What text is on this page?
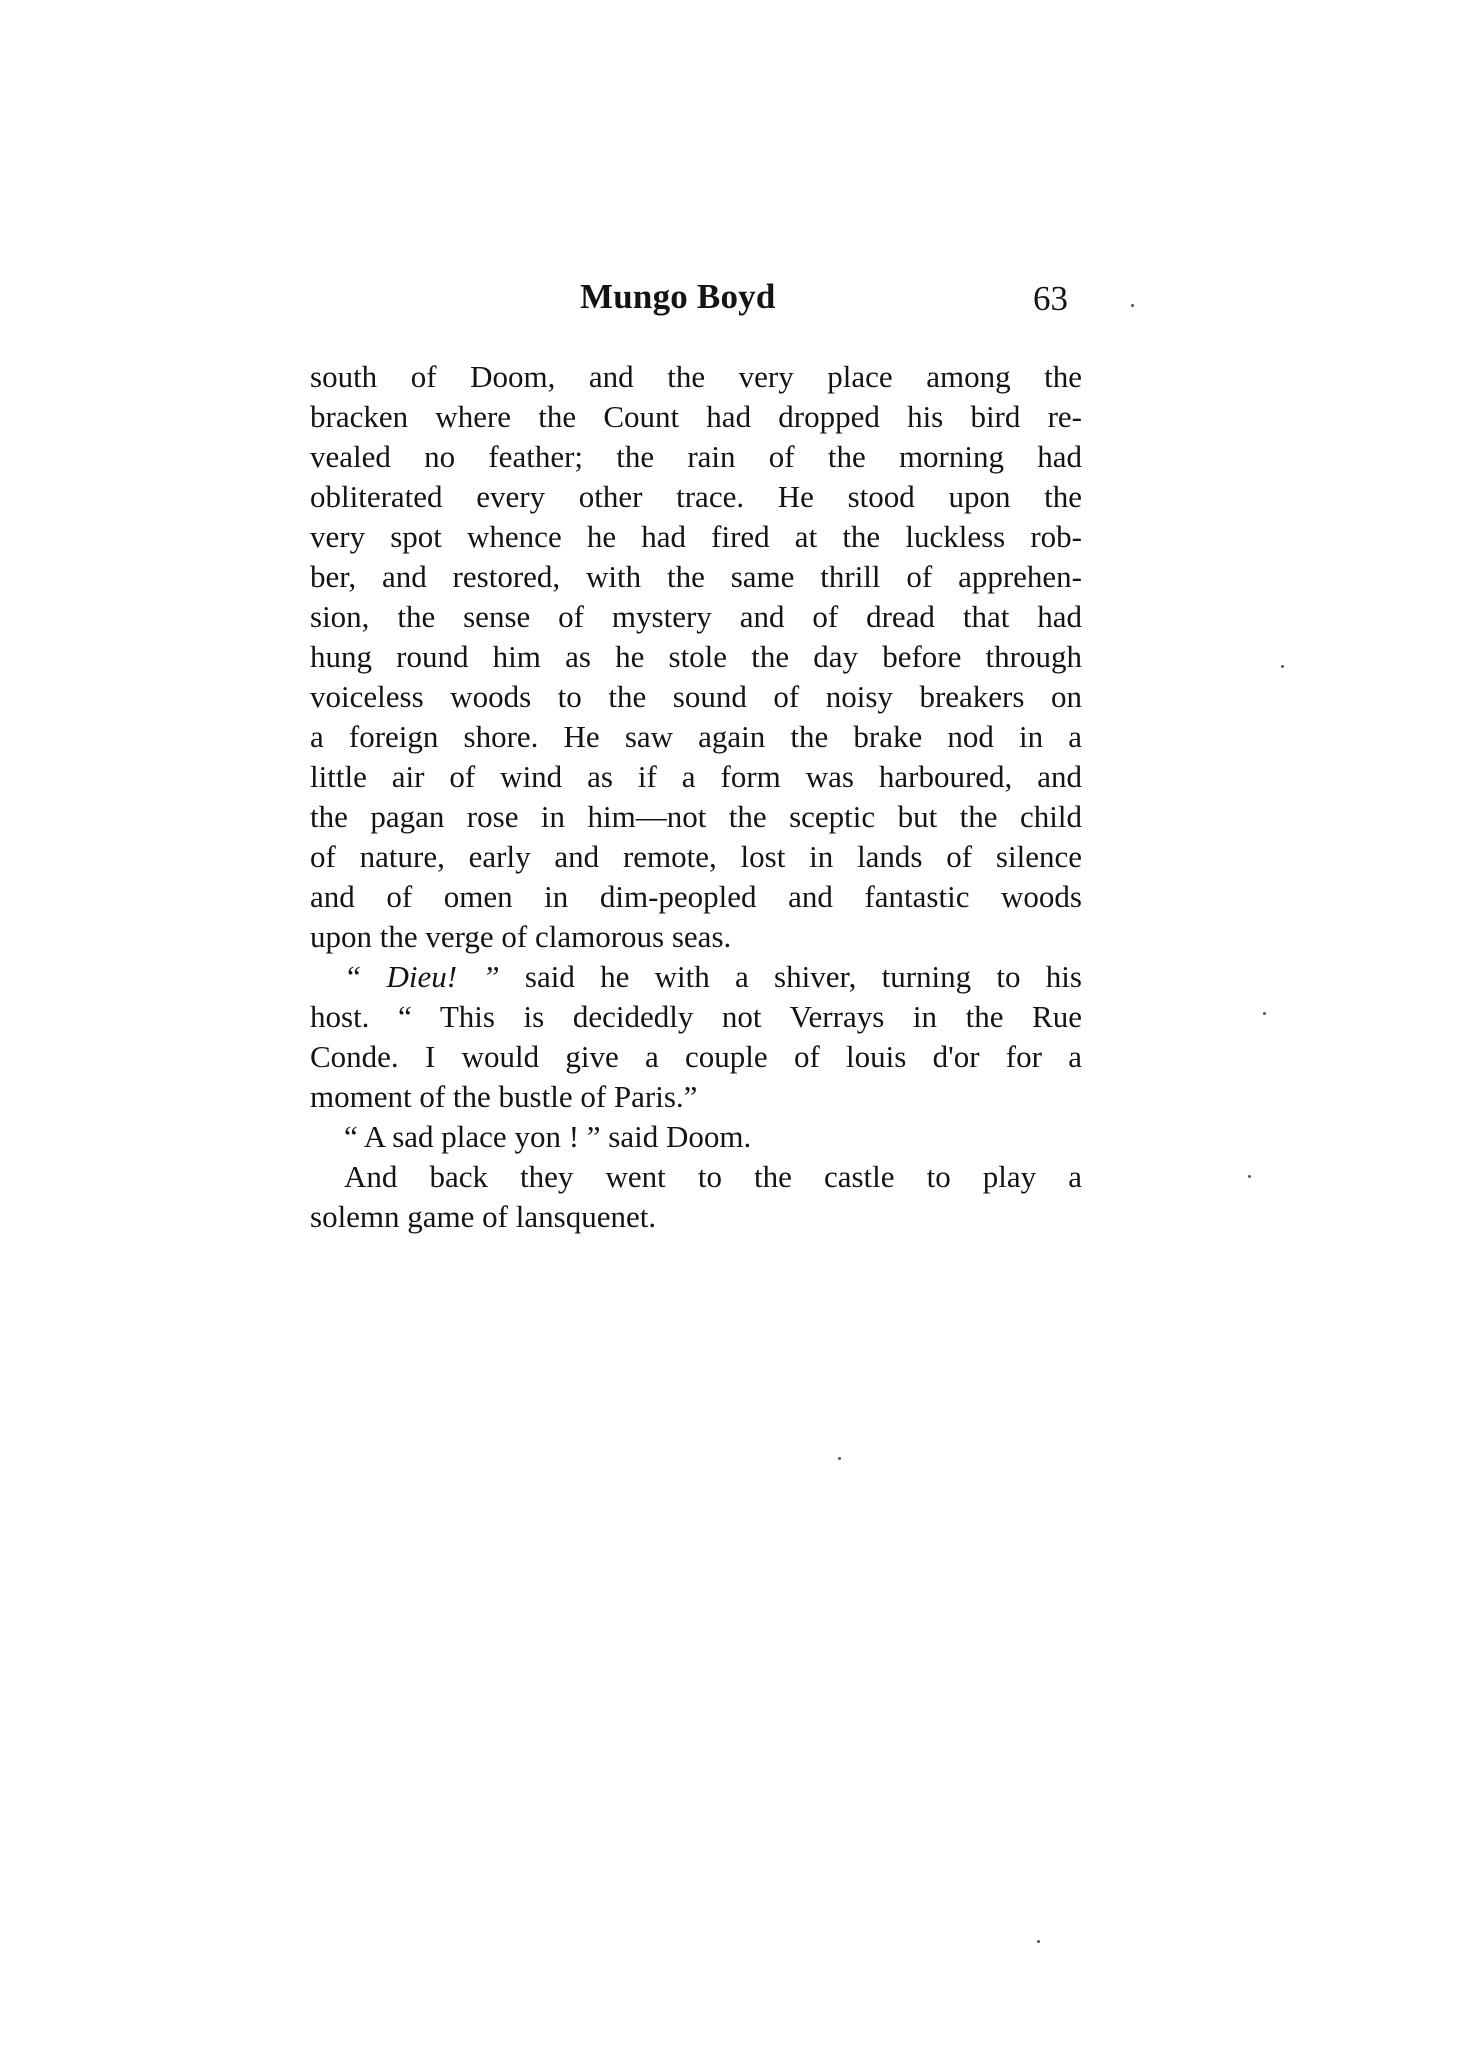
Mungo Boyd	63
south of Doom, and the very place among the
bracken where the Count had dropped his bird re-
vealed no feather; the rain of the morning had
obliterated every other trace. He stood upon the
very spot whence he had fired at the luckless rob-
ber, and restored, with the same thrill of apprehen-
sion, the sense of mystery and of dread that had
hung round him as he stole the day before through
voiceless woods to the sound of noisy breakers on
a foreign shore. He saw again the brake nod in a
little air of wind as if a form was harboured, and
the pagan rose in him—not the sceptic but the child
of nature, early and remote, lost in lands of silence
and of omen in dim-peopled and fantastic woods
upon the verge of clamorous seas.
“ Dieu! ” said he with a shiver, turning to his
host. “ This is decidedly not Verrays in the Rue
Conde. I would give a couple of louis d'or for a
moment of the bustle of Paris.”
“ A sad place yon ! ” said Doom.
And back they went to the castle to play a
solemn game of lansquenet.
